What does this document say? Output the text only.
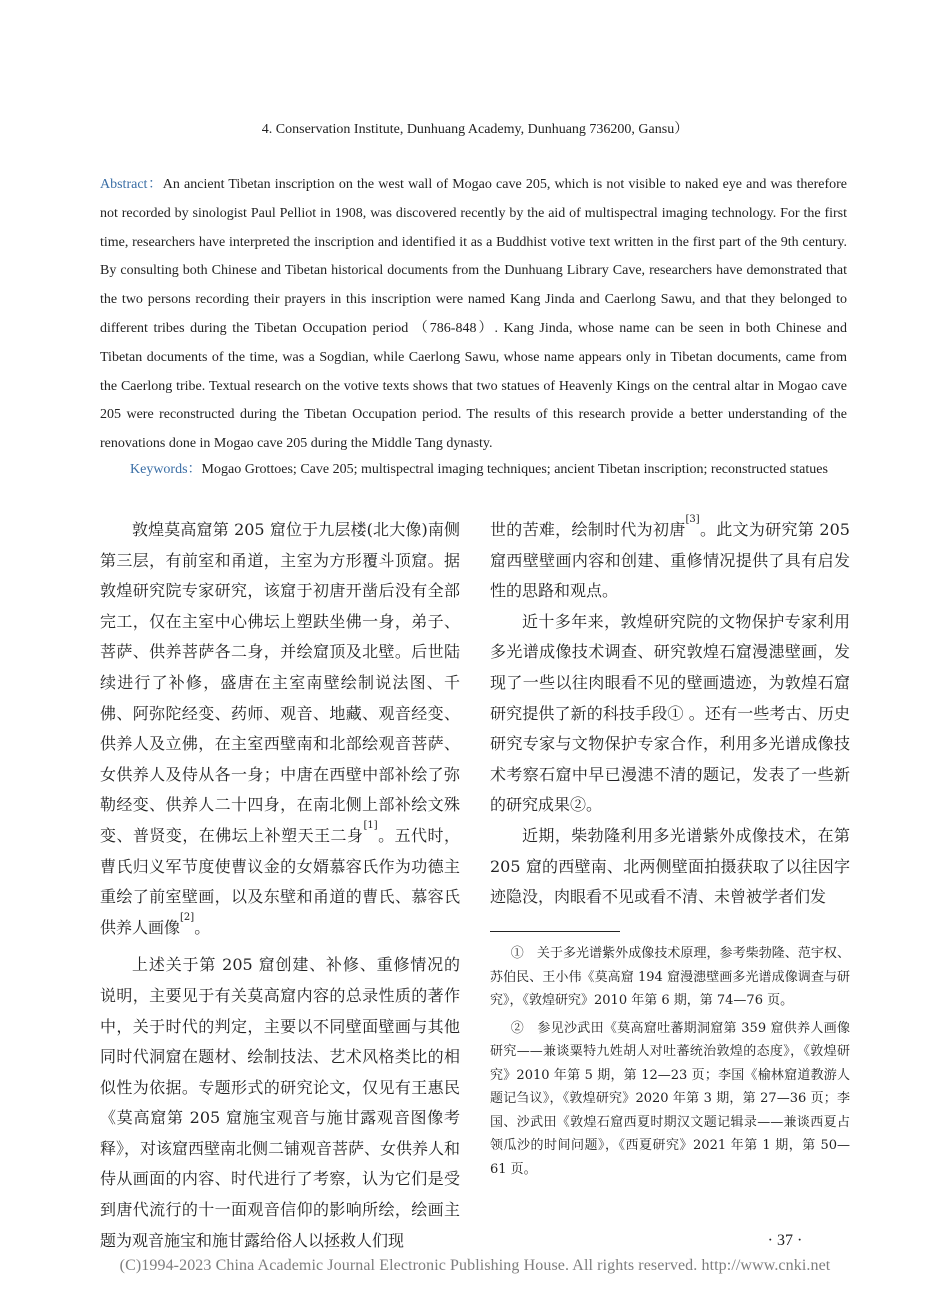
4. Conservation Institute, Dunhuang Academy, Dunhuang 736200, Gansu）

Abstract：An ancient Tibetan inscription on the west wall of Mogao cave 205, which is not visible to naked eye and was therefore not recorded by sinologist Paul Pelliot in 1908, was discovered recently by the aid of multispectral imaging technology. For the first time, researchers have interpreted the inscription and identified it as a Buddhist votive text written in the first part of the 9th century. By consulting both Chinese and Tibetan historical documents from the Dunhuang Library Cave, researchers have demonstrated that the two persons recording their prayers in this inscription were named Kang Jinda and Caerlong Sawu, and that they belonged to different tribes during the Tibetan Occupation period （786-848）. Kang Jinda, whose name can be seen in both Chinese and Tibetan documents of the time, was a Sogdian, while Caerlong Sawu, whose name appears only in Tibetan documents, came from the Caerlong tribe. Textual research on the votive texts shows that two statues of Heavenly Kings on the central altar in Mogao cave 205 were reconstructed during the Tibetan Occupation period. The results of this research provide a better understanding of the renovations done in Mogao cave 205 during the Middle Tang dynasty.

Keywords：Mogao Grottoes; Cave 205; multispectral imaging techniques; ancient Tibetan inscription; reconstructed statues

敦煌莫高窟第 205 窟位于九层楼(北大像)南侧第三层，有前室和甬道，主室为方形覆斗顶窟。据敦煌研究院专家研究，该窟于初唐开凿后没有全部完工，仅在主室中心佛坛上塑趺坐佛一身，弟子、菩萨、供养菩萨各二身，并绘窟顶及北壁。后世陆续进行了补修，盛唐在主室南壁绘制说法图、千佛、阿弥陀经变、药师、观音、地藏、观音经变、供养人及立佛，在主室西壁南和北部绘观音菩萨、女供养人及侍从各一身；中唐在西壁中部补绘了弥勒经变、供养人二十四身，在南北侧上部补绘文殊变、普贤变，在佛坛上补塑天王二身[1]。五代时，曹氏归义军节度使曹议金的女婿慕容氏作为功德主重绘了前室壁画，以及东壁和甬道的曹氏、慕容氏供养人画像[2]。

上述关于第 205 窟创建、补修、重修情况的说明，主要见于有关莫高窟内容的总录性质的著作中，关于时代的判定，主要以不同壁面壁画与其他同时代洞窟在题材、绘制技法、艺术风格类比的相似性为依据。专题形式的研究论文，仅见有王惠民《莫高窟第 205 窟施宝观音与施甘露观音图像考释》，对该窟西壁南北侧二铺观音菩萨、女供养人和侍从画面的内容、时代进行了考察，认为它们是受到唐代流行的十一面观音信仰的影响所绘，绘画主题为观音施宝和施甘露给俗人以拯救人们现

世的苦难，绘制时代为初唐[3]。此文为研究第 205 窟西壁壁画内容和创建、重修情况提供了具有启发性的思路和观点。

近十多年来，敦煌研究院的文物保护专家利用多光谱成像技术调查、研究敦煌石窟漫漶壁画，发现了一些以往肉眼看不见的壁画遗迹，为敦煌石窟研究提供了新的科技手段① 。还有一些考古、历史研究专家与文物保护专家合作，利用多光谱成像技术考察石窟中早已漫漶不清的题记，发表了一些新的研究成果②。

近期，柴勃隆利用多光谱紫外成像技术，在第 205 窟的西壁南、北两侧壁面拍摄获取了以往因字迹隐没，肉眼看不见或看不清、未曾被学者们发

①　关于多光谱紫外成像技术原理，参考柴勃隆、范宇权、苏伯民、王小伟《莫高窟 194 窟漫漶壁画多光谱成像调查与研究》，《敦煌研究》2010 年第 6 期，第 74—76 页。

②　参见沙武田《莫高窟吐蕃期洞窟第 359 窟供养人画像研究——兼谈粟特九姓胡人对吐蕃统治敦煌的态度》，《敦煌研究》2010 年第 5 期，第 12—23 页；李国《榆林窟道教游人题记刍议》，《敦煌研究》2020 年第 3 期，第 27—36 页；李国、沙武田《敦煌石窟西夏时期汉文题记辑录——兼谈西夏占领瓜沙的时间问题》，《西夏研究》2021 年第 1 期，第 50—61 页。

· 37 ·
(C)1994-2023 China Academic Journal Electronic Publishing House. All rights reserved. http://www.cnki.net
